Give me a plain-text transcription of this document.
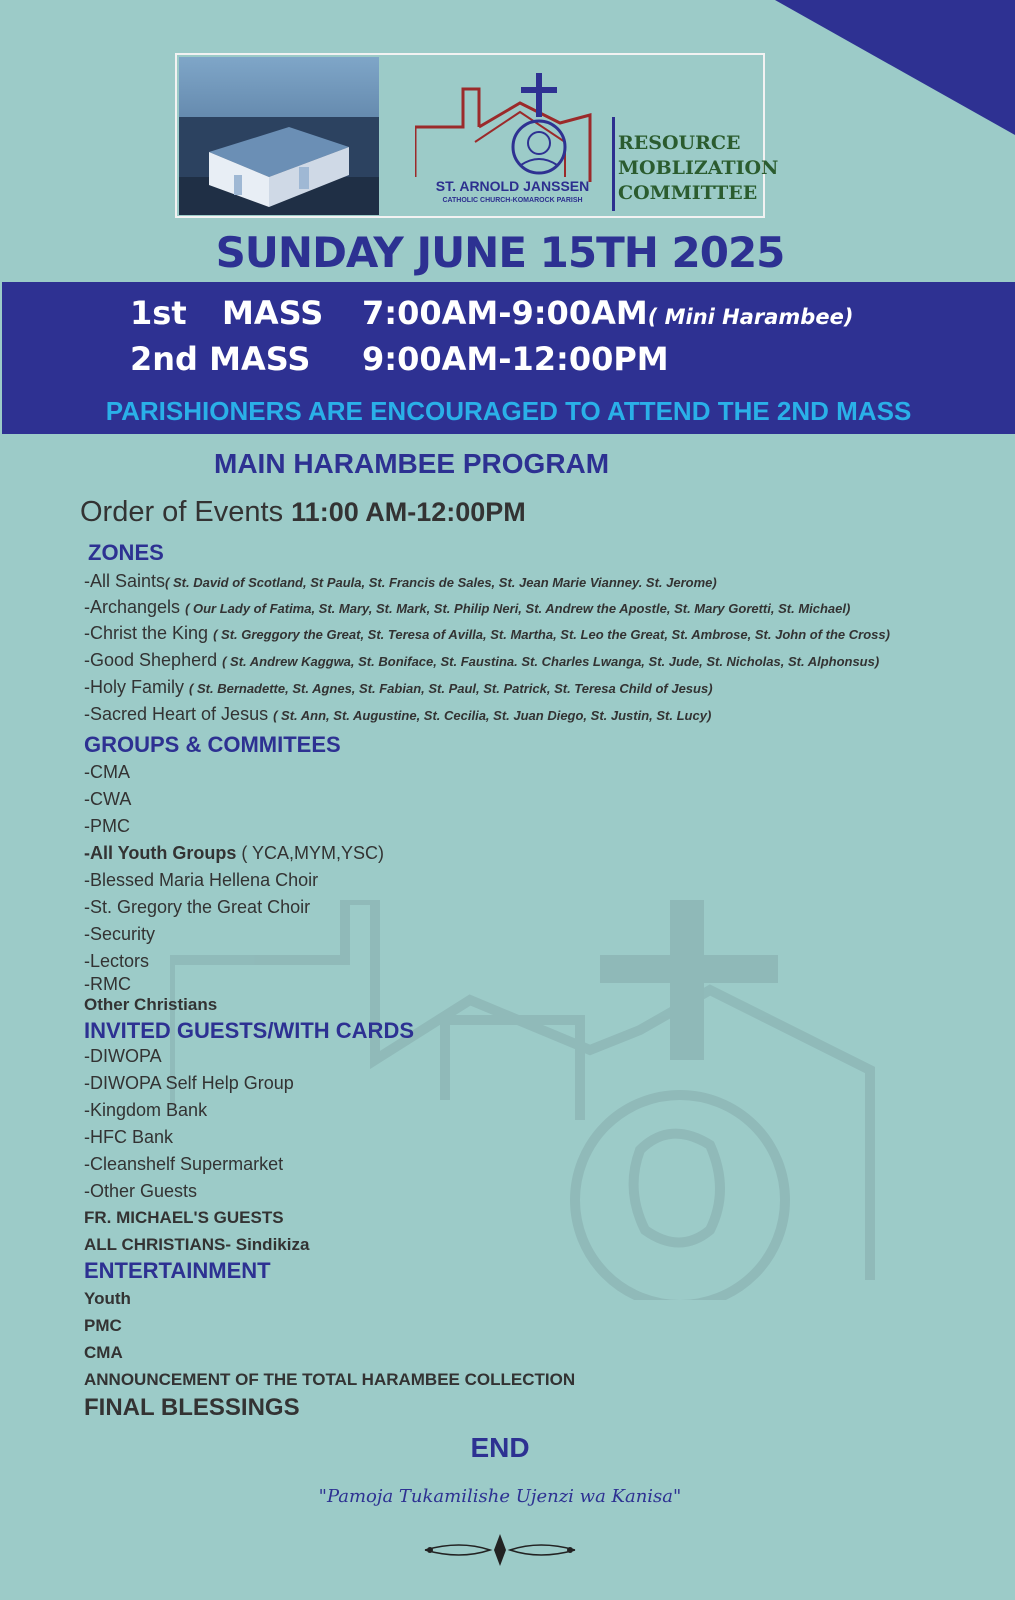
ST. ARNOLD JANSSEN
CATHOLIC CHURCH-KOMAROCK PARISH
RESOURCE
MOBLIZATION
COMMITTEE
SUNDAY JUNE 15TH 2025
1st MASS 7:00AM-9:00AM( Mini Harambee)
2nd MASS 9:00AM-12:00PM
PARISHIONERS ARE ENCOURAGED TO ATTEND THE 2ND MASS
MAIN HARAMBEE PROGRAM
Order of Events 11:00 AM-12:00PM
ZONES
-All Saints( St. David of Scotland, St Paula, St. Francis de Sales, St. Jean Marie Vianney. St. Jerome)
-Archangels ( Our Lady of Fatima, St. Mary, St. Mark, St. Philip Neri, St. Andrew the Apostle, St. Mary Goretti, St. Michael)
-Christ the King ( St. Greggory the Great, St. Teresa of Avilla, St. Martha, St. Leo the Great, St. Ambrose, St. John of the Cross)
-Good Shepherd ( St. Andrew Kaggwa, St. Boniface, St. Faustina. St. Charles Lwanga, St. Jude, St. Nicholas, St. Alphonsus)
-Holy Family ( St. Bernadette, St. Agnes, St. Fabian, St. Paul, St. Patrick, St. Teresa Child of Jesus)
-Sacred Heart of Jesus ( St. Ann, St. Augustine, St. Cecilia, St. Juan Diego, St. Justin, St. Lucy)
GROUPS & COMMITEES
-CMA
-CWA
-PMC
-All Youth Groups ( YCA,MYM,YSC)
-Blessed Maria Hellena Choir
-St. Gregory the Great Choir
-Security
-Lectors
-RMC
Other Christians
INVITED GUESTS/WITH CARDS
-DIWOPA
-DIWOPA Self Help Group
-Kingdom Bank
-HFC Bank
-Cleanshelf Supermarket
-Other Guests
FR. MICHAEL'S GUESTS
ALL CHRISTIANS- Sindikiza
ENTERTAINMENT
Youth
PMC
CMA
ANNOUNCEMENT OF THE TOTAL HARAMBEE COLLECTION
FINAL BLESSINGS
END
"Pamoja Tukamilishe Ujenzi wa Kanisa"
